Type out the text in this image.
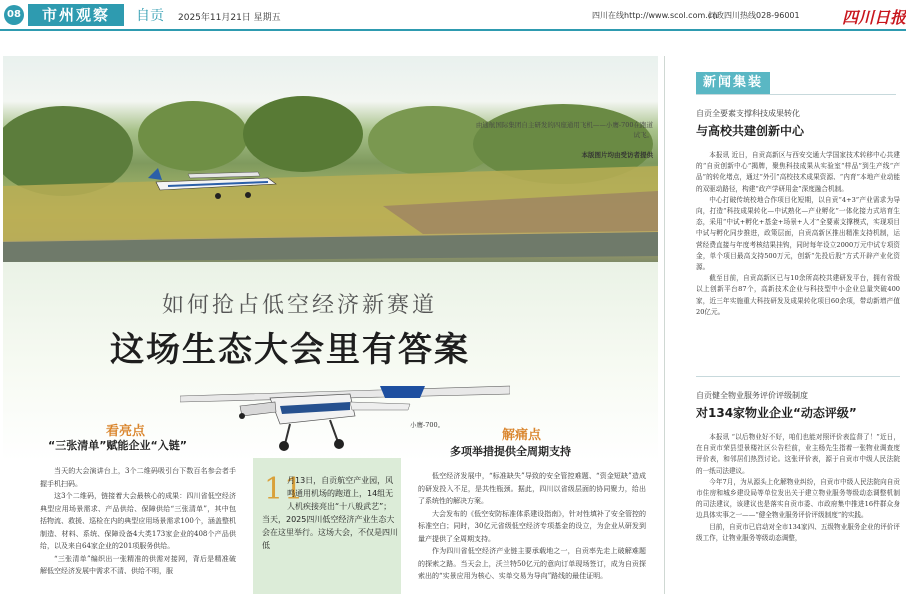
08	市州观察	自贡 2025年11月21日 星期五	四川在线http://www.scol.com.cn
问政四川热线028-96001	四川日报
由通航国际集团自主研发的四座通用飞机——小鹰-700在跑道试飞。
本版图片均由受访者提供
如何抢占低空经济新赛道
这场生态大会里有答案
小鹰-700。
看亮点
“三张清单”赋能企业“入链”

当天的大会演讲台上，3个二维码吸引台下数百名参会者手握手机扫码。

这3个二维码，链接着大会最核心的成果：四川省低空经济典型应用场景需求、产品供给、保障供给“三张清单”，其中包括物流、救援、巡检在内的典型应用场景需求100个，涵盖整机制造、材料、系统、保障设备4大类173家企业的408个产品供给，以及来自64家企业的201项服务供给。

“三张清单”编织出一张精准的供需对接网，背后是精准破解低空经济发展中需求不清、供给不明，服

11
月13日，自贡航空产业园，风鸣通用机场的跑道上，14组无人机疾接亮出“十八般武艺”；
当天，2025四川低空经济产业生态大会在这里举行。这场大会，不仅是四川低
解痛点
多项举措提供全周期支持

低空经济发展中，“标准缺失”导致的安全管控难题、“资金短缺”造成的研发投入不足，是共性瓶颈。据此，四川以省级层面的协同聚力，给出了系统性的解决方案。

大会发布的《低空安防标准体系建设指南》，针对性填补了安全管控的标准空白；同时，30亿元省级低空经济专项基金的设立，为企业从研发到量产提供了全周期支持。

作为四川省低空经济产业链主要承载地之一，自贡率先走上破解难题的探索之路。当天会上，沃兰特50亿元的意向订单现场签订，成为自贡探索出的“实景应用为核心、实单交易为导向”路线的最佳证明。

新闻集装箱
自贡全要素支撑科技成果转化
与高校共建创新中心

本报讯 近日，自贡高新区与西安交通大学国家技术转移中心共建的“自贡创新中心”揭牌，聚焦科技成果从实验室“样品”到生产线“产品”的转化堵点，通过“外引”高校技术成果资源、“内育”本地产业动能的双驱动路径，构建“政产学研用金”深度融合机制。

中心打破传统校地合作项目化短期，以自贡“4+3”产业需求为导向，打造“科技成果转化—中试熟化—产业孵化”一体化接力式培育生态，采用“中试+孵化+基金+场景+人才”全要素支撑模式，实现项目中试与孵化同步推进，政策层面，自贡高新区推出精准支持机制，运营经费直接与年度考核结果挂钩，同时每年设立2000万元中试专项资金，单个项目最高支持500万元，创新“先投后股”方式开辟产业化资源。

截至目前，自贡高新区已与10余所高校共建研发平台，拥有省级以上创新平台87个，高新技术企业与科技型中小企业总量突破400家，近三年实施重大科技研发及成果转化项目60余项，带动新增产值20亿元。

自贡健全物业服务评价评级制度
对134家物业企业“动态评级”

本报讯 “以后物业好不好，咱们也能对照评价表监督了！”近日，在自贡市荣县望景楼社区公告栏前，业主杨先生指着一张物业调查度评价表，和邻居们热烈讨论。这张评价表，源于自贡市中级人民法院的一纸司法建议。

今年7月，为从源头上化解物业纠纷，自贡市中级人民法院向自贡市住房和城乡建设局等单位发出关于建立物业服务等级动态调整机制的司法建议，该建议也是落实自贡市委、市政府集中推进16件群众身边具体实事之一——“健全物业服务评价评级制度”的实践。

目前，自贡市已启动对全市134家四、五级物业服务企业的评价评级工作，让物业服务等级动态调整，
